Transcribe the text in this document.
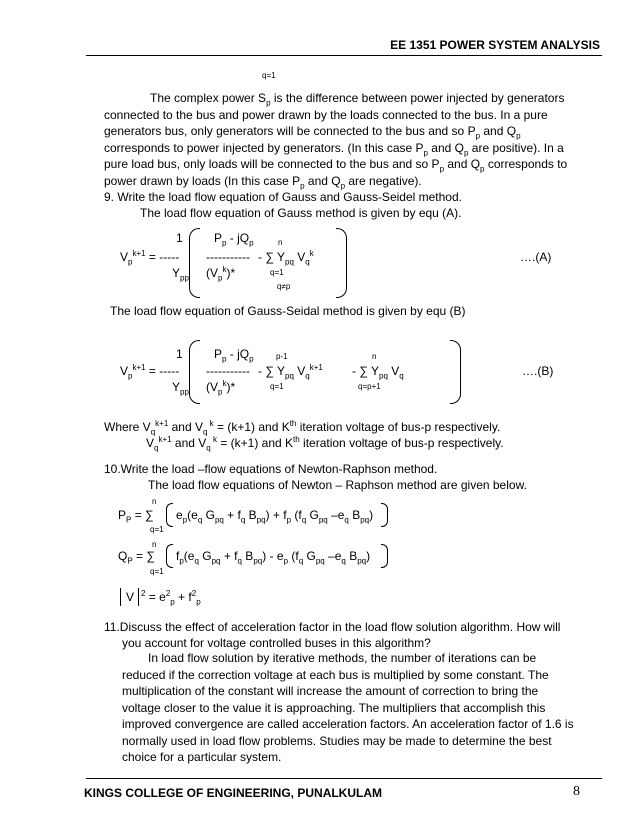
EE 1351 POWER SYSTEM ANALYSIS
q=1
The complex power $S_p$ is the difference between power injected by generators
connected to the bus and power drawn by the loads connected to the bus. In a pure
generators bus, only generators will be connected to the bus and so $P_p$ and $Q_p$
corresponds to power injected by generators. (In this case $P_p$ and $Q_p$ are positive). In a
pure load bus, only loads will be connected to the bus and so $P_p$ and $Q_p$ corresponds to
power drawn by loads (In this case $P_p$ and $Q_p$ are negative).
9. Write the load flow equation of Gauss and Gauss-Seidel method.
The load flow equation of Gauss method is given by equ (A).
1
$V_p^{k+1}$ = -----
$Y_{pp}$
$P_p - jQ_p$
-----------
$(V_p^k)*$
n
- ∑ $Y_{pq}$ $V_q^k$
q=1
q≠p
….(A)
The load flow equation of Gauss-Seidal method is given by equ (B)
1
$V_p^{k+1}$ = -----
$Y_{pp}$
$P_p - jQ_p$
-----------
$(V_p^k)*$
p-1
- ∑ $Y_{pq}$ $V_q^{k+1}$
q=1
n
- ∑ $Y_{pq}$ $V_q$
q=p+1
….(B)
Where $V_q^{k+1}$ and $V_q$ $^k$ = (k+1) and $K^{th}$ iteration voltage of bus-p respectively.
$V_q^{k+1}$ and $V_q$ $^k$ = (k+1) and $K^{th}$ iteration voltage of bus-p respectively.
10.Write the load –flow equations of Newton-Raphson method.
The load flow equations of Newton – Raphson method are given below.
n
$P_P$ = ∑ $e_p(e_q$ $G_{pq} + f_q$ $B_{pq}) + f_p$ ($f_q$ $G_{pq}$ $-e_q$ $B_{pq}$)
q=1
n
$Q_P$ = ∑ $f_p(e_q$ $G_{pq} + f_q$ $B_{pq}) - e_p$ ($f_q$ $G_{pq}$ $-e_q$ $B_{pq}$)
q=1
V $^2 = e^2_p + f^2_p$
11.Discuss the effect of acceleration factor in the load flow solution algorithm. How will
you account for voltage controlled buses in this algorithm?
In load flow solution by iterative methods, the number of iterations can be
reduced if the correction voltage at each bus is multiplied by some constant. The
multiplication of the constant will increase the amount of correction to bring the
voltage closer to the value it is approaching. The multipliers that accomplish this
improved convergence are called acceleration factors. An acceleration factor of 1.6 is
normally used in load flow problems. Studies may be made to determine the best
choice for a particular system.
KINGS COLLEGE OF ENGINEERING, PUNALKULAM	8
